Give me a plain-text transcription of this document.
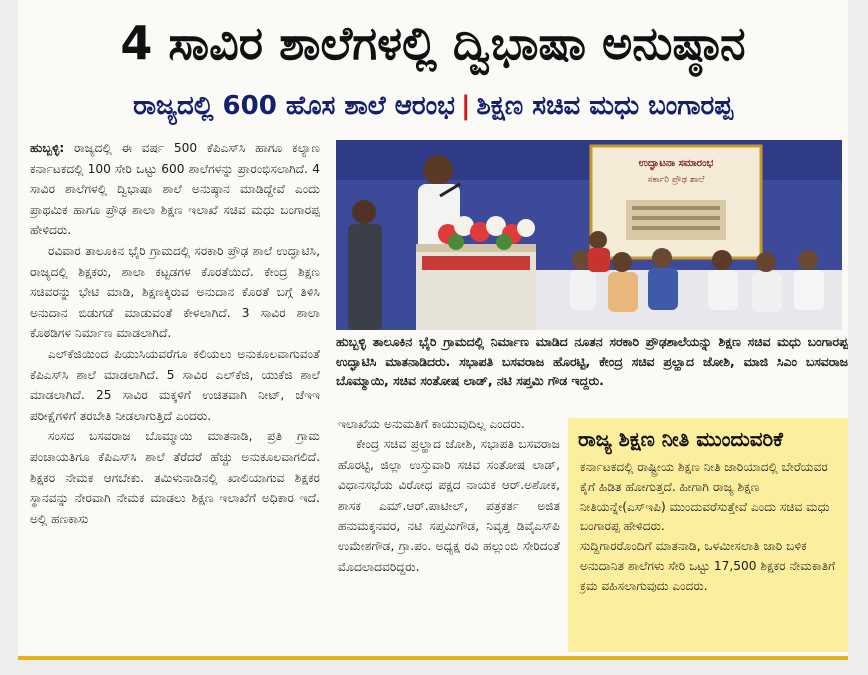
4 ಸಾವಿರ ಶಾಲೆಗಳಲ್ಲಿ ದ್ವಿಭಾಷಾ ಅನುಷ್ಠಾನ
ರಾಜ್ಯದಲ್ಲಿ 600 ಹೊಸ ಶಾಲೆ ಆರಂಭ | ಶಿಕ್ಷಣ ಸಚಿವ ಮಧು ಬಂಗಾರಪ್ಪ

ಹುಬ್ಬಳ್ಳಿ: ರಾಜ್ಯದಲ್ಲಿ ಈ ವರ್ಷ 500 ಕೆಪಿಎಸ್‌ಸಿ ಹಾಗೂ ಕಲ್ಯಾಣ ಕರ್ನಾಟಕದಲ್ಲಿ 100 ಸೇರಿ ಒಟ್ಟು 600 ಶಾಲೆಗಳನ್ನು ಪ್ರಾರಂಭಿಸಲಾಗಿದೆ. 4 ಸಾವಿರ ಶಾಲೆಗಳಲ್ಲಿ ದ್ವಿಭಾಷಾ ಶಾಲೆ ಅನುಷ್ಠಾನ ಮಾಡಿದ್ದೇವೆ ಎಂದು ಪ್ರಾಥಮಿಕ ಹಾಗೂ ಪ್ರೌಢ ಶಾಲಾ ಶಿಕ್ಷಣ ಇಲಾಖೆ ಸಚಿವ ಮಧು ಬಂಗಾರಪ್ಪ ಹೇಳಿದರು.

ರವಿವಾರ ತಾಲೂಕಿನ ಭೈರಿ ಗ್ರಾಮದಲ್ಲಿ ಸರಕಾರಿ ಪ್ರೌಢ ಶಾಲೆ ಉದ್ಘಾಟಿಸಿ, ರಾಜ್ಯದಲ್ಲಿ ಶಿಕ್ಷಕರು, ಶಾಲಾ ಕಟ್ಟಡಗಳ ಕೊರತೆಯಿದೆ. ಕೇಂದ್ರ ಶಿಕ್ಷಣ ಸಚಿವರನ್ನು ಭೇಟಿ ಮಾಡಿ, ಶಿಕ್ಷಣಕ್ಕಿರುವ ಅನುದಾನ ಕೊರತೆ ಬಗ್ಗೆ ತಿಳಿಸಿ ಅನುದಾನ ಬಿಡುಗಡೆ ಮಾಡುವಂತೆ ಕೇಳಲಾಗಿದೆ. 3 ಸಾವಿರ ಶಾಲಾ ಕೊಠಡಿಗಳ ನಿರ್ಮಾಣ ಮಾಡಲಾಗಿದೆ.

ಎಲ್‌ಕೆಜಿಯಿಂದ ಪಿಯುಸಿಯವರೆಗೂ ಕಲಿಯಲು ಅನುಕೂಲವಾಗುವಂತೆ ಕೆಪಿಎಸ್‌ಸಿ ಶಾಲೆ ಮಾಡಲಾಗಿದೆ. 5 ಸಾವಿರ ಎಲ್‌ಕೆಜಿ, ಯುಕೆಜಿ ಶಾಲೆ ಮಾಡಲಾಗಿದೆ. 25 ಸಾವಿರ ಮಕ್ಕಳಿಗೆ ಉಚಿತವಾಗಿ ನೀಟ್, ಜೆಇಇ ಪರೀಕ್ಷೆಗಳಿಗೆ ತರಬೇತಿ ನೀಡಲಾಗುತ್ತಿದೆ ಎಂದರು.

ಸಂಸದ ಬಸವರಾಜ ಬೊಮ್ಮಾಯಿ ಮಾತನಾಡಿ, ಪ್ರತಿ ಗ್ರಾಮ ಪಂಚಾಯತಿಗೂ ಕೆಪಿಎಸ್‌ಸಿ ಶಾಲೆ ತೆರೆದರೆ ಹೆಚ್ಚು ಅನುಕೂಲವಾಗಲಿದೆ. ಶಿಕ್ಷಕರ ನೇಮಕ ಆಗಬೇಕು. ತಮಿಳುನಾಡಿನಲ್ಲಿ ಖಾಲಿಯಾಗುವ ಶಿಕ್ಷಕರ ಸ್ಥಾನವನ್ನು ನೇರವಾಗಿ ನೇಮಕ ಮಾಡಲು ಶಿಕ್ಷಣ ಇಲಾಖೆಗೆ ಅಧಿಕಾರ ಇದೆ. ಅಲ್ಲಿ ಹಣಕಾಸು

ಉದ್ಘಾಟನಾ ಸಮಾರಂಭ
ಸರ್ಕಾರಿ ಪ್ರೌಢ ಶಾಲೆ
ಹುಬ್ಬಳ್ಳಿ ತಾಲೂಕಿನ ಭೈರಿ ಗ್ರಾಮದಲ್ಲಿ ನಿರ್ಮಾಣ ಮಾಡಿದ ನೂತನ ಸರಕಾರಿ ಪ್ರೌಢಶಾಲೆಯನ್ನು ಶಿಕ್ಷಣ ಸಚಿವ ಮಧು ಬಂಗಾರಪ್ಪ ಉದ್ಘಾಟಿಸಿ ಮಾತನಾಡಿದರು. ಸಭಾಪತಿ ಬಸವರಾಜ ಹೊರಟ್ಟಿ, ಕೇಂದ್ರ ಸಚಿವ ಪ್ರಲ್ಹಾದ ಜೋಶಿ, ಮಾಜಿ ಸಿಎಂ ಬಸವರಾಜ ಬೊಮ್ಮಾಯಿ, ಸಚಿವ ಸಂತೋಷ ಲಾಡ್, ನಟಿ ಸಪ್ತಮಿ ಗೌಡ ಇದ್ದರು.

ಇಲಾಖೆಯ ಅನುಮತಿಗೆ ಕಾಯುವುದಿಲ್ಲ ಎಂದರು.

ಕೇಂದ್ರ ಸಚಿವ ಪ್ರಲ್ಹಾದ ಜೋಶಿ, ಸಭಾಪತಿ ಬಸವರಾಜ ಹೊರಟ್ಟಿ, ಜಿಲ್ಲಾ ಉಸ್ತುವಾರಿ ಸಚಿವ ಸಂತೋಷ ಲಾಡ್, ವಿಧಾನಸಭೆಯ ವಿರೋಧ ಪಕ್ಷದ ನಾಯಕ ಆರ್.ಅಶೋಕ, ಶಾಸಕ ಎಮ್.ಆರ್.ಪಾಟೀಲ್, ಪತ್ರಕರ್ತ ಅಜಿತ ಹನುಮಕ್ಕನವರ, ನಟಿ ಸಪ್ತಮಿಗೌಡ, ನಿವೃತ್ತ ಡಿವೈಎಸ್‌ಪಿ ಉಮೇಶಗೌಡ, ಗ್ರಾ.ಪಂ. ಅಧ್ಯಕ್ಷ ರವಿ ಹಲ್ಲುಂಬಿ ಸೇರಿದಂತೆ ಮೊದಲಾದವರಿದ್ದರು.

ರಾಜ್ಯ ಶಿಕ್ಷಣ ನೀತಿ ಮುಂದುವರಿಕೆ

ಕರ್ನಾಟಕದಲ್ಲಿ ರಾಷ್ಟ್ರೀಯ ಶಿಕ್ಷಣ ನೀತಿ ಜಾರಿಯಾದಲ್ಲಿ ಬೇರೆಯವರ ಕೈಗೆ ಹಿಡಿತ ಹೋಗುತ್ತದೆ. ಹೀಗಾಗಿ ರಾಜ್ಯ ಶಿಕ್ಷಣ ನೀತಿಯನ್ನೇ(ಎಸ್‌ಇಪಿ) ಮುಂದುವರೆಸುತ್ತೇವೆ ಎಂದು ಸಚಿವ ಮಧು ಬಂಗಾರಪ್ಪ ಹೇಳಿದರು.

ಸುದ್ದಿಗಾರರೊಂದಿಗೆ ಮಾತನಾಡಿ, ಒಳಮೀಸಲಾತಿ ಜಾರಿ ಬಳಿಕ ಅನುದಾನಿತ ಶಾಲೆಗಳು ಸೇರಿ ಒಟ್ಟು 17,500 ಶಿಕ್ಷಕರ ನೇಮಕಾತಿಗೆ ಕ್ರಮ ವಹಿಸಲಾಗುವುದು ಎಂದರು.
